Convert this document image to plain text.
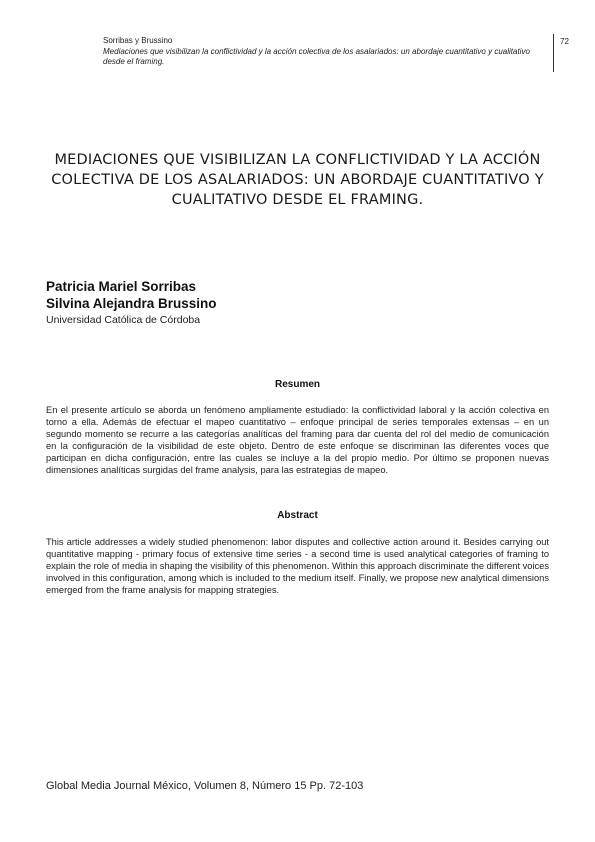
Sorribas y Brussino
Mediaciones que visibilizan la conflictividad y la acción colectiva de los asalariados: un abordaje cuantitativo y cualitativo desde el framing.
72
MEDIACIONES QUE VISIBILIZAN LA CONFLICTIVIDAD Y LA ACCIÓN COLECTIVA DE LOS ASALARIADOS: UN ABORDAJE CUANTITATIVO Y CUALITATIVO DESDE EL FRAMING.

Patricia Mariel Sorribas

Silvina Alejandra Brussino

Universidad Católica de Córdoba
Resumen

En el presente artículo se aborda un fenómeno ampliamente estudiado: la conflictividad laboral y la acción colectiva en torno a ella. Además de efectuar el mapeo cuantitativo – enfoque principal de series temporales extensas – en un segundo momento se recurre a las categorías analíticas del framing para dar cuenta del rol del medio de comunicación en la configuración de la visibilidad de este objeto. Dentro de este enfoque se discriminan las diferentes voces que participan en dicha configuración, entre las cuales se incluye a la del propio medio. Por último se proponen nuevas dimensiones analíticas surgidas del frame analysis, para las estrategias de mapeo.

Abstract

This article addresses a widely studied phenomenon: labor disputes and collective action around it. Besides carrying out quantitative mapping - primary focus of extensive time series - a second time is used analytical categories of framing to explain the role of media in shaping the visibility of this phenomenon. Within this approach discriminate the different voices involved in this configuration, among which is included to the medium itself. Finally, we propose new analytical dimensions emerged from the frame analysis for mapping strategies.

Global Media Journal México, Volumen 8, Número 15 Pp. 72-103
